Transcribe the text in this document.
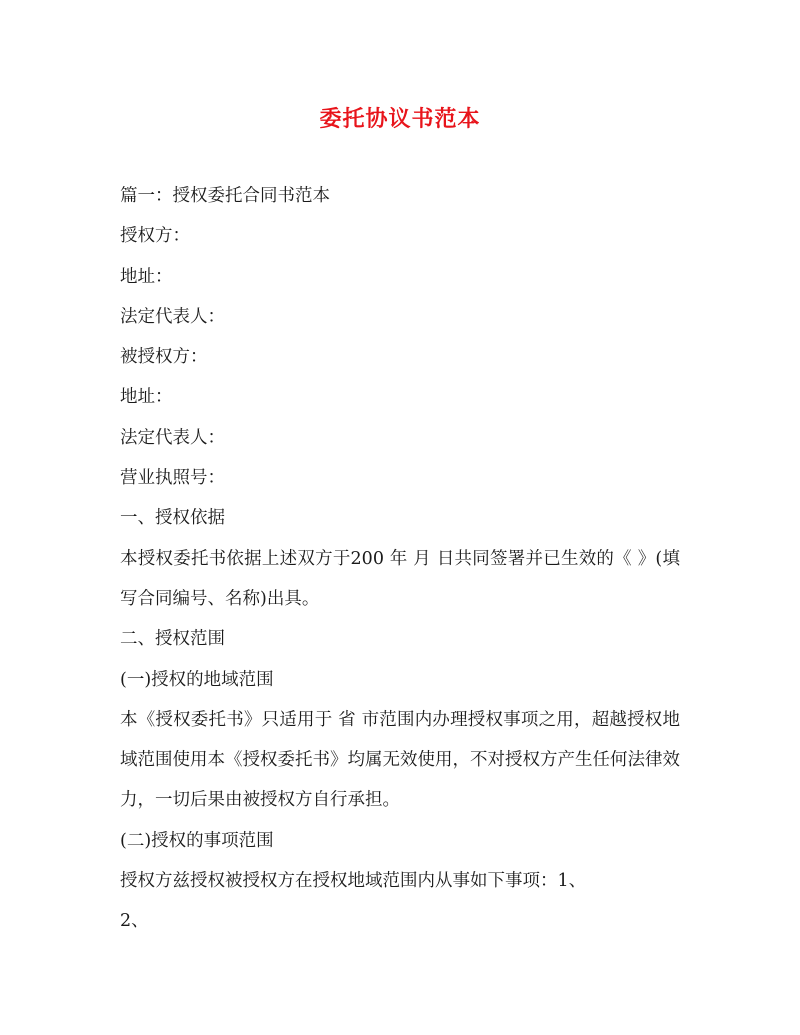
委托协议书范本

篇一：授权委托合同书范本

授权方：

地址：

法定代表人：

被授权方：

地址：

法定代表人：

营业执照号：

一、授权依据

本授权委托书依据上述双方于200 年 月 日共同签署并已生效的《 》(填写合同编号、名称)出具。

二、授权范围

(一)授权的地域范围

本《授权委托书》只适用于 省 市范围内办理授权事项之用，超越授权地域范围使用本《授权委托书》均属无效使用，不对授权方产生任何法律效力，一切后果由被授权方自行承担。

(二)授权的事项范围

授权方兹授权被授权方在授权地域范围内从事如下事项：1、

2、
